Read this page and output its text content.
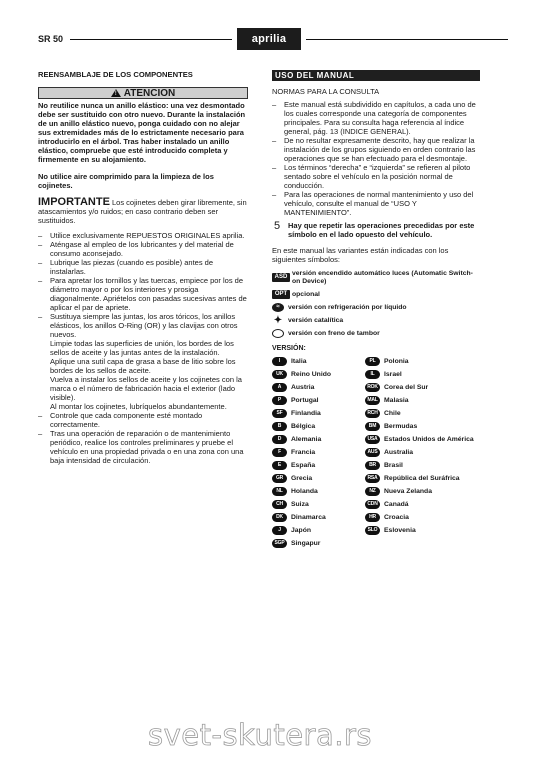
SR 50	aprilia
REENSAMBLAJE DE LOS COMPONENTES
!
ATENCION
No reutilice nunca un anillo elástico: una vez desmontado debe ser sustituido con otro nuevo. Durante la instalación de un anillo elástico nuevo, ponga cuidado con no alejar sus extremidades más de lo estrictamente necesario para introducirlo en el árbol. Tras haber instalado un anillo elástico, compruebe que esté introducido completa y firmemente en su alojamiento.
No utilice aire comprimido para la limpieza de los cojinetes.
IMPORTANTE Los cojinetes deben girar libremente, sin atascamientos y/o ruidos; en caso contrario deben ser sustituidos.
– Utilice exclusivamente REPUESTOS ORIGINALES aprilia.
– Aténgase al empleo de los lubricantes y del material de consumo aconsejado.
– Lubrique las piezas (cuando es posible) antes de instalarlas.
– Para apretar los tornillos y las tuercas, empiece por los de diámetro mayor o por los interiores y prosiga diagonalmente. Apriételos con pasadas sucesivas antes de aplicar el par de apriete.
– Sustituya siempre las juntas, los aros tóricos, los anillos elásticos, los anillos O-Ring (OR) y las clavijas con otros nuevos.
Limpie todas las superficies de unión, los bordes de los sellos de aceite y las juntas antes de la instalación.
Aplique una sutil capa de grasa a base de litio sobre los bordes de los sellos de aceite.
Vuelva a instalar los sellos de aceite y los cojinetes con la marca o el número de fabricación hacia el exterior (lado visible).
Al montar los cojinetes, lubríquelos abundantemente.
– Controle que cada componente esté montado correctamente.
– Tras una operación de reparación o de mantenimiento periódico, realice los controles preliminares y pruebe el vehículo en una propiedad privada o en una zona con una baja intensidad de circulación.
USO DEL MANUAL
NORMAS PARA LA CONSULTA
– Este manual está subdividido en capítulos, a cada uno de los cuales corresponde una categoría de componentes principales. Para su consulta haga referencia al índice general, pág. 13 (INDICE GENERAL).
– De no resultar expresamente descrito, hay que realizar la instalación de los grupos siguiendo en orden contrario las operaciones que se han efectuado para el desmontaje.
– Los términos “derecha” e “izquierda” se refieren al piloto sentado sobre el vehículo en la posición normal de conducción.
– Para las operaciones de normal mantenimiento y uso del vehículo, consulte el manual de “USO Y MANTENIMIENTO”.
5	Hay que repetir las operaciones precedidas por este símbolo en el lado opuesto del vehículo.
En este manual las variantes están indicadas con los siguientes símbolos:
ASD versión encendido automático luces (Automatic Switch-on Device)
OPT opcional
≈	versión con refrigeración por líquido
✦ versión catalítica
versión con freno de tambor
VERSIÓN:
I	Italia	PL	Polonia
UK	Reino Unido	IL	Israel
A	Austria	ROK Corea del Sur
P	Portugal	MAL Malasia
SF	Finlandia	RCH Chile
B	Bélgica	BM	Bermudas
D	Alemania	USA Estados Unidos de América
F	Francia	AUS Australia
E	España	BR	Brasil
GR	Grecia	RSA República del Suráfrica
NL	Holanda	NZ	Nueva Zelanda
CH	Suiza	CDN Canadá
DK	Dinamarca	HR	Croacia
J	Japón	SLO Eslovenia
SGP Singapur
svet-skutera.rs
